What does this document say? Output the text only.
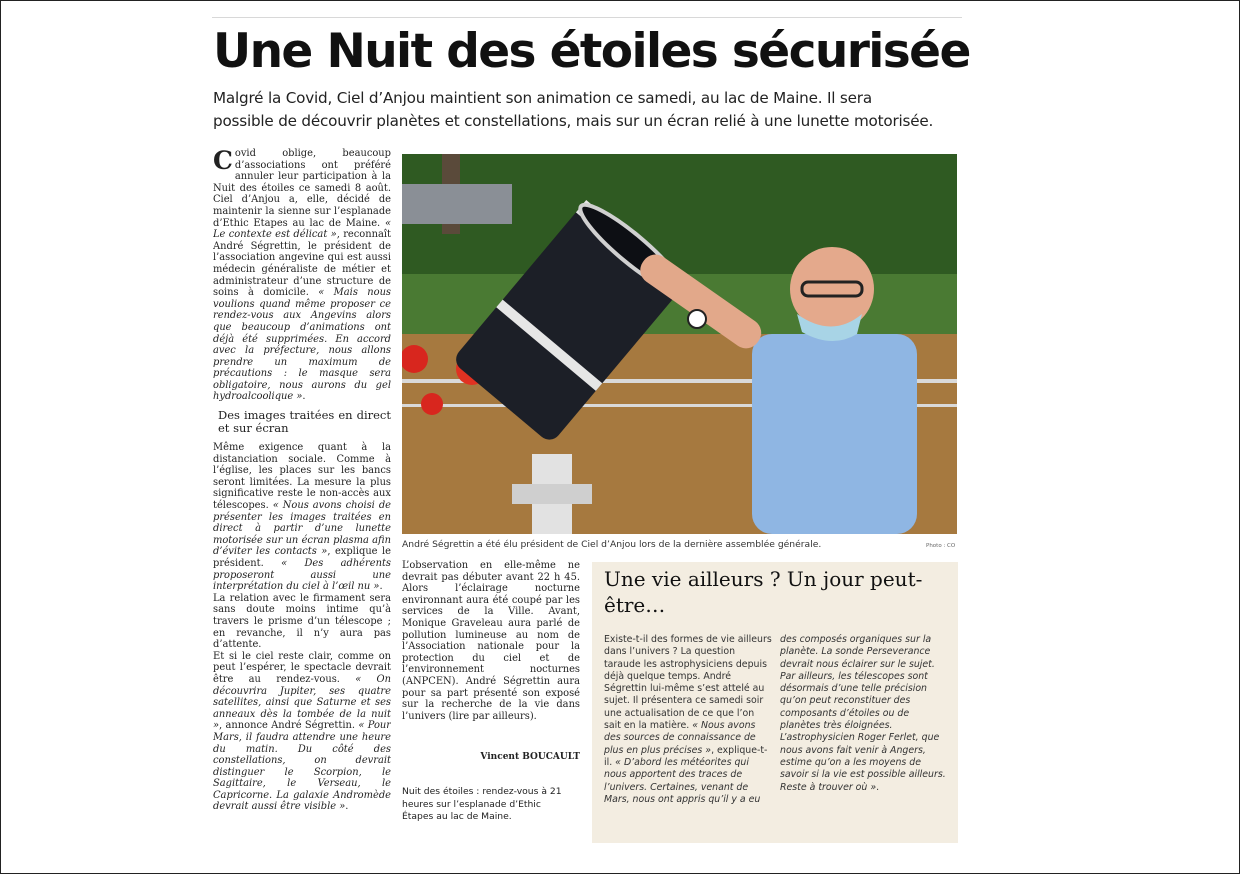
Une Nuit des étoiles sécurisée
Malgré la Covid, Ciel d’Anjou maintient son animation ce samedi, au lac de Maine. Il sera
possible de découvrir planètes et constellations, mais sur un écran relié à une lunette motorisée.

Covid oblige, beaucoup d’associations ont préféré annuler leur participation à la Nuit des étoiles ce samedi 8 août. Ciel d’Anjou a, elle, décidé de maintenir la sienne sur l’esplanade d’Ethic Etapes au lac de Maine. « Le contexte est délicat », reconnaît André Ségrettin, le président de l’association angevine qui est aussi médecin généraliste de métier et administrateur d’une structure de soins à domicile. « Mais nous voulions quand même proposer ce rendez-vous aux Angevins alors que beaucoup d’animations ont déjà été supprimées. En accord avec la préfecture, nous allons prendre un maximum de précautions : le masque sera obligatoire, nous aurons du gel hydroalcoolique ».

Des images traitées en direct et sur écran

Même exigence quant à la distanciation sociale. Comme à l’église, les places sur les bancs seront limitées. La mesure la plus significative reste le non-accès aux télescopes. « Nous avons choisi de présenter les images traitées en direct à partir d’une lunette motorisée sur un écran plasma afin d’éviter les contacts », explique le président. « Des adhérents proposeront aussi une interprétation du ciel à l’œil nu ».

La relation avec le firmament sera sans doute moins intime qu’à travers le prisme d’un télescope ; en revanche, il n’y aura pas d’attente.

Et si le ciel reste clair, comme on peut l’espérer, le spectacle devrait être au rendez-vous. « On découvrira Jupiter, ses quatre satellites, ainsi que Saturne et ses anneaux dès la tombée de la nuit », annonce André Ségrettin. « Pour Mars, il faudra attendre une heure du matin. Du côté des constellations, on devrait distinguer le Scorpion, le Sagittaire, le Verseau, le Capricorne. La galaxie Andromède devrait aussi être visible ».

André Ségrettin a été élu président de Ciel d’Anjou lors de la dernière assemblée générale.	Photo : CO

L’observation en elle-même ne devrait pas débuter avant 22 h 45. Alors l’éclairage nocturne environnant aura été coupé par les services de la Ville. Avant, Monique Graveleau aura parlé de pollution lumineuse au nom de l’Association nationale pour la protection du ciel et de l’environnement nocturnes (ANPCEN). André Ségrettin aura pour sa part présenté son exposé sur la recherche de la vie dans l’univers (lire par ailleurs).

Vincent BOUCAULT
Nuit des étoiles : rendez-vous à 21 heures sur l’esplanade d’Ethic Étapes au lac de Maine.
Une vie ailleurs ? Un jour peut-être…
Existe-t-il des formes de vie ailleurs dans l’univers ? La question taraude les astrophysiciens depuis déjà quelque temps. André Ségrettin lui-même s’est attelé au sujet. Il présentera ce samedi soir une actualisation de ce que l’on sait en la matière. « Nous avons des sources de connaissance de plus en plus précises », explique-t-il. « D’abord les météorites qui nous apportent des traces de l’univers. Certaines, venant de Mars, nous ont appris qu’il y a eu
des composés organiques sur la planète. La sonde Perseverance devrait nous éclairer sur le sujet. Par ailleurs, les télescopes sont désormais d’une telle précision qu’on peut reconstituer des composants d’étoiles ou de planètes très éloignées. L’astrophysicien Roger Ferlet, que nous avons fait venir à Angers, estime qu’on a les moyens de savoir si la vie est possible ailleurs. Reste à trouver où ».
